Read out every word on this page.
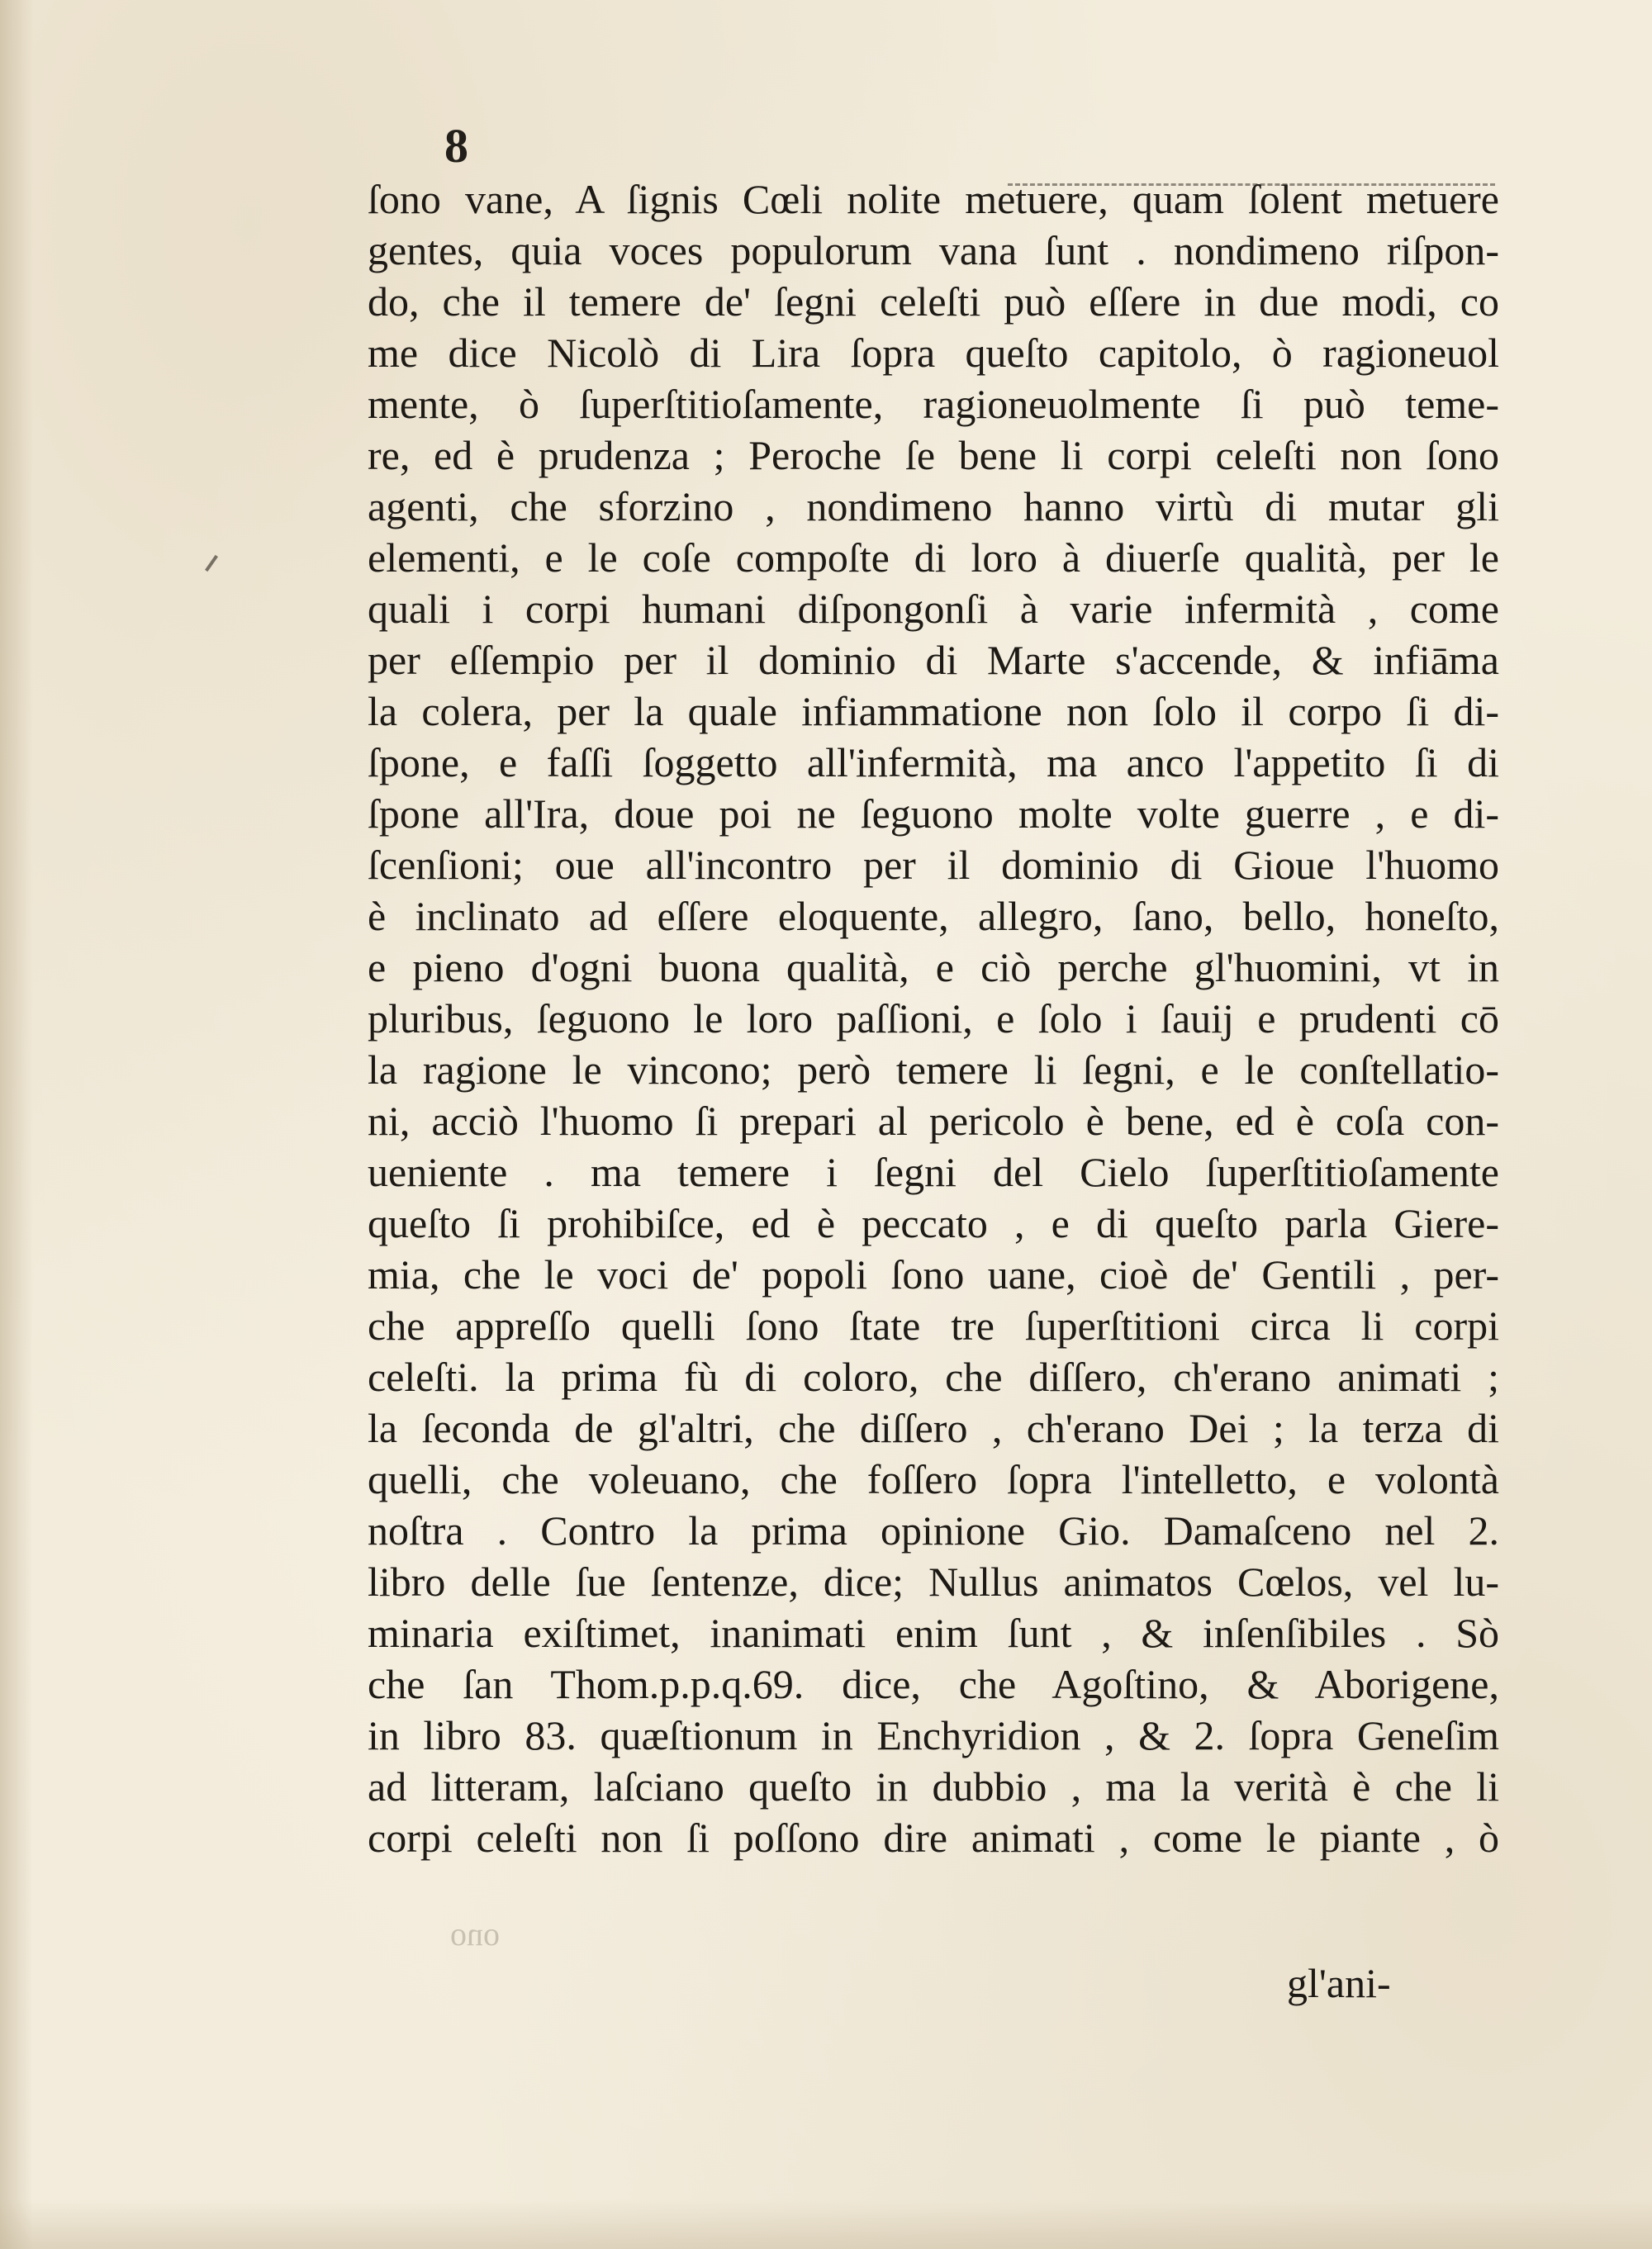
8
ſono vane, A ſignis Cœli nolite metuere, quam ſolent metuere
gentes, quia voces populorum vana ſunt . nondimeno riſpon-
do, che il temere de' ſegni celeſti può eſſere in due modi, co
me dice Nicolò di Lira ſopra queſto capitolo, ò ragioneuol
mente, ò ſuperſtitioſamente, ragioneuolmente ſi può teme-
re, ed è prudenza ; Peroche ſe bene li corpi celeſti non ſono
agenti, che sforzino , nondimeno hanno virtù di mutar gli
elementi, e le coſe compoſte di loro à diuerſe qualità, per le
quali i corpi humani diſpongonſi à varie infermità , come
per eſſempio per il dominio di Marte s'accende, & infiāma
la colera, per la quale infiammatione non ſolo il corpo ſi di-
ſpone, e faſſi ſoggetto all'infermità, ma anco l'appetito ſi di
ſpone all'Ira, doue poi ne ſeguono molte volte guerre , e di-
ſcenſioni; oue all'incontro per il dominio di Gioue l'huomo
è inclinato ad eſſere eloquente, allegro, ſano, bello, honeſto,
e pieno d'ogni buona qualità, e ciò perche gl'huomini, vt in
pluribus, ſeguono le loro paſſioni, e ſolo i ſauij e prudenti cō
la ragione le vincono; però temere li ſegni, e le conſtellatio-
ni, acciò l'huomo ſi prepari al pericolo è bene, ed è coſa con-
ueniente . ma temere i ſegni del Cielo ſuperſtitioſamente
queſto ſi prohibiſce, ed è peccato , e di queſto parla Giere-
mia, che le voci de' popoli ſono uane, cioè de' Gentili , per-
che appreſſo quelli ſono ſtate tre ſuperſtitioni circa li corpi
celeſti. la prima fù di coloro, che diſſero, ch'erano animati ;
la ſeconda de gl'altri, che diſſero , ch'erano Dei ; la terza di
quelli, che voleuano, che foſſero ſopra l'intelletto, e volontà
noſtra . Contro la prima opinione Gio. Damaſceno nel 2.
libro delle ſue ſentenze, dice; Nullus animatos Cœlos, vel lu-
minaria exiſtimet, inanimati enim ſunt , & inſenſibiles . Sò
che ſan Thom.p.p.q.69. dice, che Agoſtino, & Aborigene,
in libro 83. quæſtionum in Enchyridion , & 2. ſopra Geneſim
ad litteram, laſciano queſto in dubbio , ma la verità è che li
corpi celeſti non ſi poſſono dire animati , come le piante , ò
ono
gl'ani-
